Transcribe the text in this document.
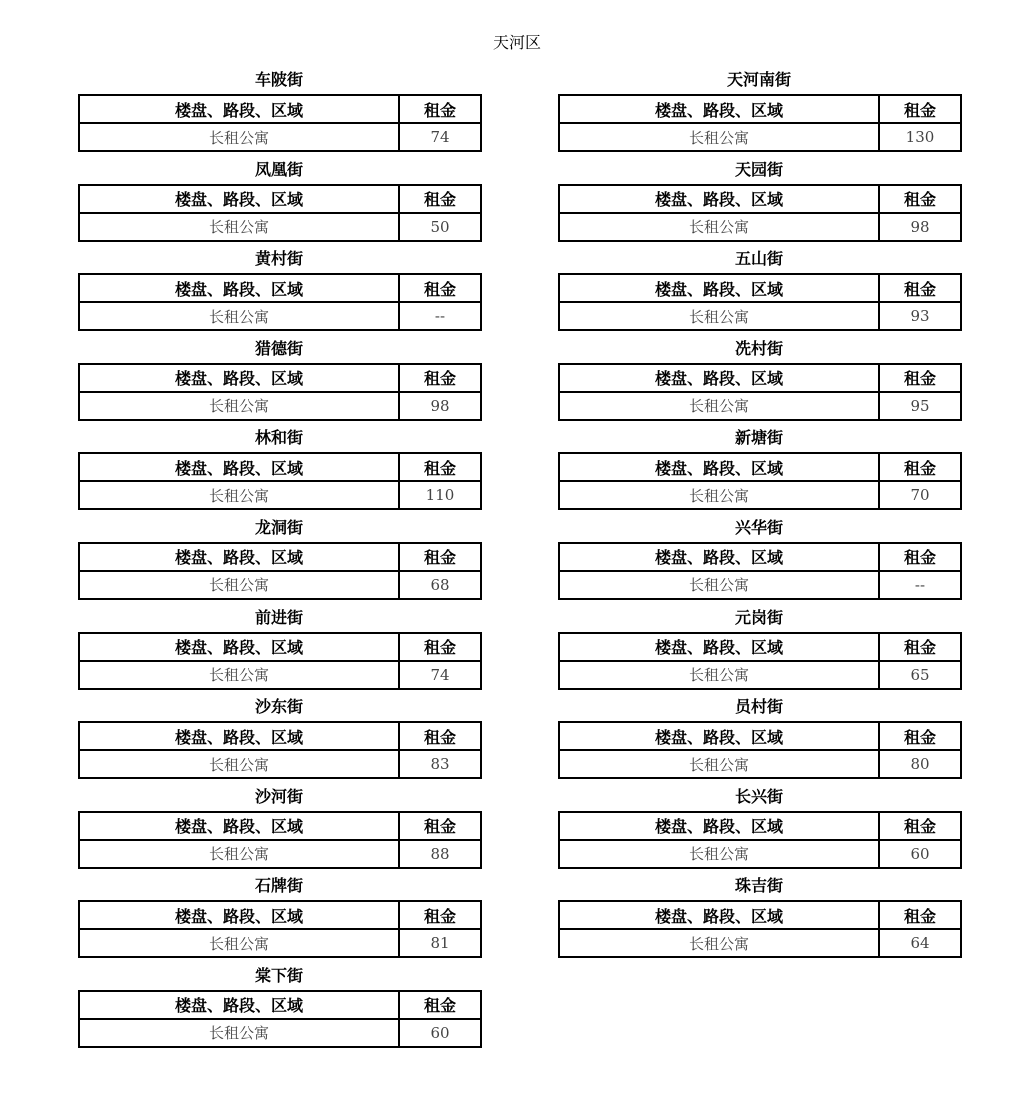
天河区
车陂街
楼盘、路段、区域	租金
长租公寓	74
凤凰街
楼盘、路段、区域	租金
长租公寓	50
黄村街
楼盘、路段、区域	租金
长租公寓	--
猎德街
楼盘、路段、区域	租金
长租公寓	98
林和街
楼盘、路段、区域	租金
长租公寓	110
龙洞街
楼盘、路段、区域	租金
长租公寓	68
前进街
楼盘、路段、区域	租金
长租公寓	74
沙东街
楼盘、路段、区域	租金
长租公寓	83
沙河街
楼盘、路段、区域	租金
长租公寓	88
石牌街
楼盘、路段、区域	租金
长租公寓	81
棠下街
楼盘、路段、区域	租金
长租公寓	60
天河南街
楼盘、路段、区域	租金
长租公寓	130
天园街
楼盘、路段、区域	租金
长租公寓	98
五山街
楼盘、路段、区域	租金
长租公寓	93
冼村街
楼盘、路段、区域	租金
长租公寓	95
新塘街
楼盘、路段、区域	租金
长租公寓	70
兴华街
楼盘、路段、区域	租金
长租公寓	--
元岗街
楼盘、路段、区域	租金
长租公寓	65
员村街
楼盘、路段、区域	租金
长租公寓	80
长兴街
楼盘、路段、区域	租金
长租公寓	60
珠吉街
楼盘、路段、区域	租金
长租公寓	64
